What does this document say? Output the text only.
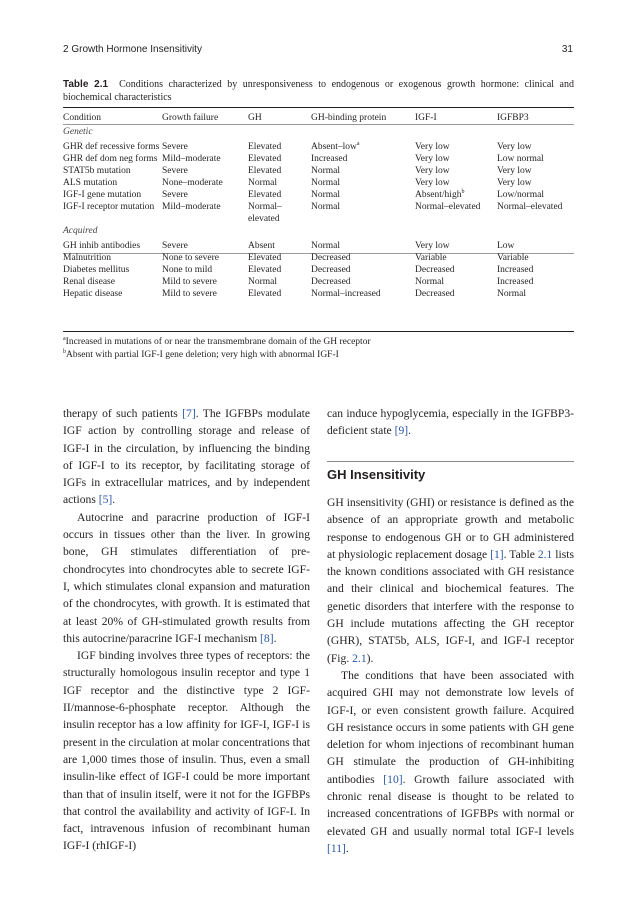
2 Growth Hormone Insensitivity	31
Table 2.1 Conditions characterized by unresponsiveness to endogenous or exogenous growth hormone: clinical and biochemical characteristics
Condition	Growth failure	GH	GH-binding protein	IGF-I	IGFBP3
Genetic					
GHR def recessive forms	Severe	Elevated	Absent–low$^a$	Very low	Very low
GHR def dom neg forms	Mild–moderate	Elevated	Increased	Very low	Low normal
STAT5b mutation	Severe	Elevated	Normal	Very low	Very low
ALS mutation	None–moderate	Normal	Normal	Very low	Very low
IGF-I gene mutation	Severe	Elevated	Normal	Absent/high$^b$	Low/normal
IGF-I receptor mutation	Mild–moderate	Normal–elevated	Normal	Normal–elevated	Normal–elevated
Acquired					
GH inhib antibodies	Severe	Absent	Normal	Very low	Low
Malnutrition	None to severe	Elevated	Decreased	Variable	Variable
Diabetes mellitus	None to mild	Elevated	Decreased	Decreased	Increased
Renal disease	Mild to severe	Normal	Decreased	Normal	Increased
Hepatic disease	Mild to severe	Elevated	Normal–increased	Decreased	Normal
$^a$Increased in mutations of or near the transmembrane domain of the GH receptor
$^b$Absent with partial IGF-I gene deletion; very high with abnormal IGF-I

therapy of such patients [7]. The IGFBPs modulate IGF action by controlling storage and release of IGF-I in the circulation, by influencing the binding of IGF-I to its receptor, by facilitating storage of IGFs in extracellular matrices, and by independent actions [5].

Autocrine and paracrine production of IGF-I occurs in tissues other than the liver. In growing bone, GH stimulates differentiation of pre-chondrocytes into chondrocytes able to secrete IGF-I, which stimulates clonal expansion and maturation of the chondrocytes, with growth. It is estimated that at least 20% of GH-stimulated growth results from this autocrine/paracrine IGF-I mechanism [8].

IGF binding involves three types of receptors: the structurally homologous insulin receptor and type 1 IGF receptor and the distinctive type 2 IGF-II/mannose-6-phosphate receptor. Although the insulin receptor has a low affinity for IGF-I, IGF-I is present in the circulation at molar concentrations that are 1,000 times those of insulin. Thus, even a small insulin-like effect of IGF-I could be more important than that of insulin itself, were it not for the IGFBPs that control the availability and activity of IGF-I. In fact, intravenous infusion of recombinant human IGF-I (rhIGF-I)

can induce hypoglycemia, especially in the IGFBP3-deficient state [9].

GH Insensitivity

GH insensitivity (GHI) or resistance is defined as the absence of an appropriate growth and metabolic response to endogenous GH or to GH administered at physiologic replacement dosage [1]. Table 2.1 lists the known conditions associated with GH resistance and their clinical and biochemical features. The genetic disorders that interfere with the response to GH include mutations affecting the GH receptor (GHR), STAT5b, ALS, IGF-I, and IGF-I receptor (Fig. 2.1).

The conditions that have been associated with acquired GHI may not demonstrate low levels of IGF-I, or even consistent growth failure. Acquired GH resistance occurs in some patients with GH gene deletion for whom injections of recombinant human GH stimulate the production of GH-inhibiting antibodies [10]. Growth failure associated with chronic renal disease is thought to be related to increased concentrations of IGFBPs with normal or elevated GH and usually normal total IGF-I levels [11].
